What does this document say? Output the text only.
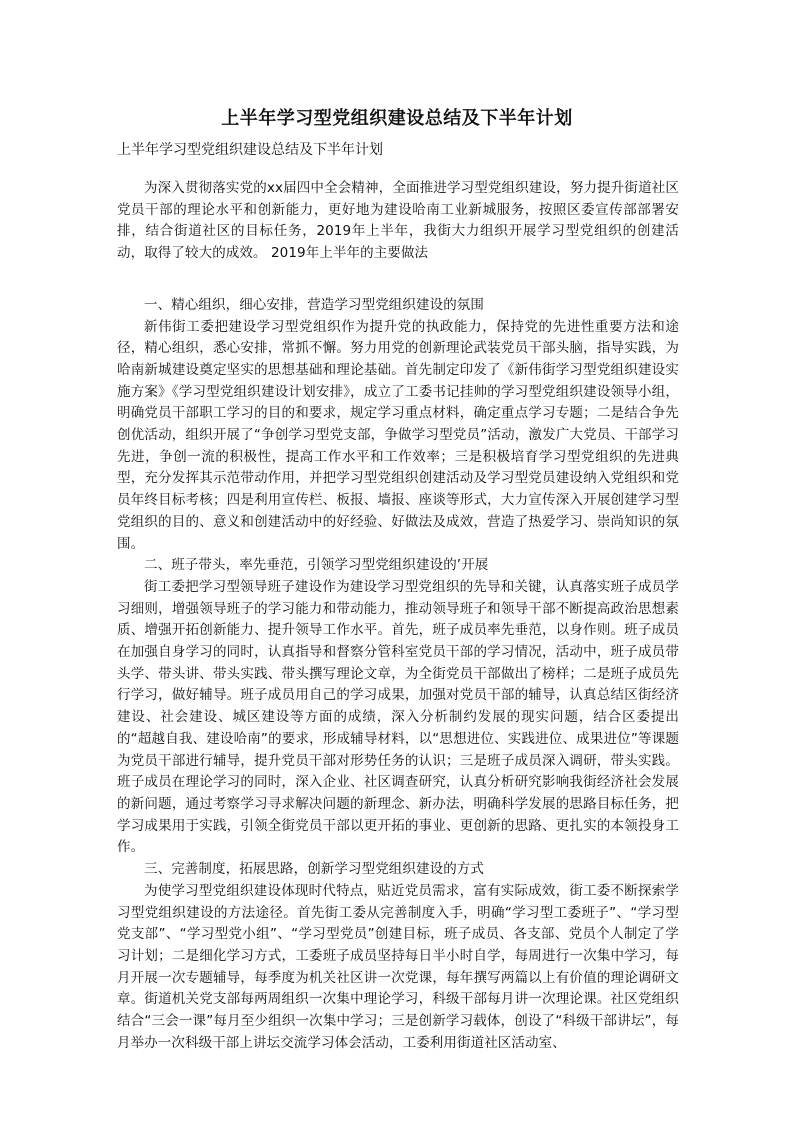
上半年学习型党组织建设总结及下半年计划

上半年学习型党组织建设总结及下半年计划

为深入贯彻落实党的xx届四中全会精神，全面推进学习型党组织建设，努力提升街道社区党员干部的理论水平和创新能力，更好地为建设哈南工业新城服务，按照区委宣传部部署安排，结合街道社区的目标任务，2019年上半年，我街大力组织开展学习型党组织的创建活动，取得了较大的成效。 2019年上半年的主要做法

一、精心组织，细心安排，营造学习型党组织建设的氛围

新伟街工委把建设学习型党组织作为提升党的执政能力，保持党的先进性重要方法和途径，精心组织，悉心安排，常抓不懈。努力用党的创新理论武装党员干部头脑，指导实践，为哈南新城建设奠定坚实的思想基础和理论基础。首先制定印发了《新伟街学习型党组织建设实施方案》《学习型党组织建设计划安排》，成立了工委书记挂帅的学习型党组织建设领导小组，明确党员干部职工学习的目的和要求，规定学习重点材料，确定重点学习专题；二是结合争先创优活动，组织开展了“争创学习型党支部，争做学习型党员”活动，激发广大党员、干部学习先进，争创一流的积极性，提高工作水平和工作效率；三是积极培育学习型党组织的先进典型，充分发挥其示范带动作用，并把学习型党组织创建活动及学习型党员建设纳入党组织和党员年终目标考核；四是利用宣传栏、板报、墙报、座谈等形式，大力宣传深入开展创建学习型党组织的目的、意义和创建活动中的好经验、好做法及成效，营造了热爱学习、崇尚知识的氛围。

二、班子带头，率先垂范，引领学习型党组织建设的’开展

街工委把学习型领导班子建设作为建设学习型党组织的先导和关键，认真落实班子成员学习细则，增强领导班子的学习能力和带动能力，推动领导班子和领导干部不断提高政治思想素质、增强开拓创新能力、提升领导工作水平。首先，班子成员率先垂范，以身作则。班子成员在加强自身学习的同时，认真指导和督察分管科室党员干部的学习情况，活动中，班子成员带头学、带头讲、带头实践、带头撰写理论文章，为全街党员干部做出了榜样；二是班子成员先行学习，做好辅导。班子成员用自己的学习成果，加强对党员干部的辅导，认真总结区街经济建设、社会建设、城区建设等方面的成绩，深入分析制约发展的现实问题，结合区委提出的“超越自我、建设哈南”的要求，形成辅导材料，以“思想进位、实践进位、成果进位”等课题为党员干部进行辅导，提升党员干部对形势任务的认识；三是班子成员深入调研，带头实践。班子成员在理论学习的同时，深入企业、社区调查研究，认真分析研究影响我街经济社会发展的新问题，通过考察学习寻求解决问题的新理念、新办法，明确科学发展的思路目标任务，把学习成果用于实践，引领全街党员干部以更开拓的事业、更创新的思路、更扎实的本领投身工作。

三、完善制度，拓展思路，创新学习型党组织建设的方式

为使学习型党组织建设体现时代特点，贴近党员需求，富有实际成效，街工委不断探索学习型党组织建设的方法途径。首先街工委从完善制度入手，明确“学习型工委班子”、“学习型党支部”、“学习型党小组”、“学习型党员”创建目标，班子成员、各支部、党员个人制定了学习计划；二是细化学习方式，工委班子成员坚持每日半小时自学，每周进行一次集中学习，每月开展一次专题辅导，每季度为机关社区讲一次党课，每年撰写两篇以上有价值的理论调研文章。街道机关党支部每两周组织一次集中理论学习，科级干部每月讲一次理论课。社区党组织结合“三会一课”每月至少组织一次集中学习；三是创新学习载体，创设了“科级干部讲坛”，每月举办一次科级干部上讲坛交流学习体会活动，工委利用街道社区活动室、
